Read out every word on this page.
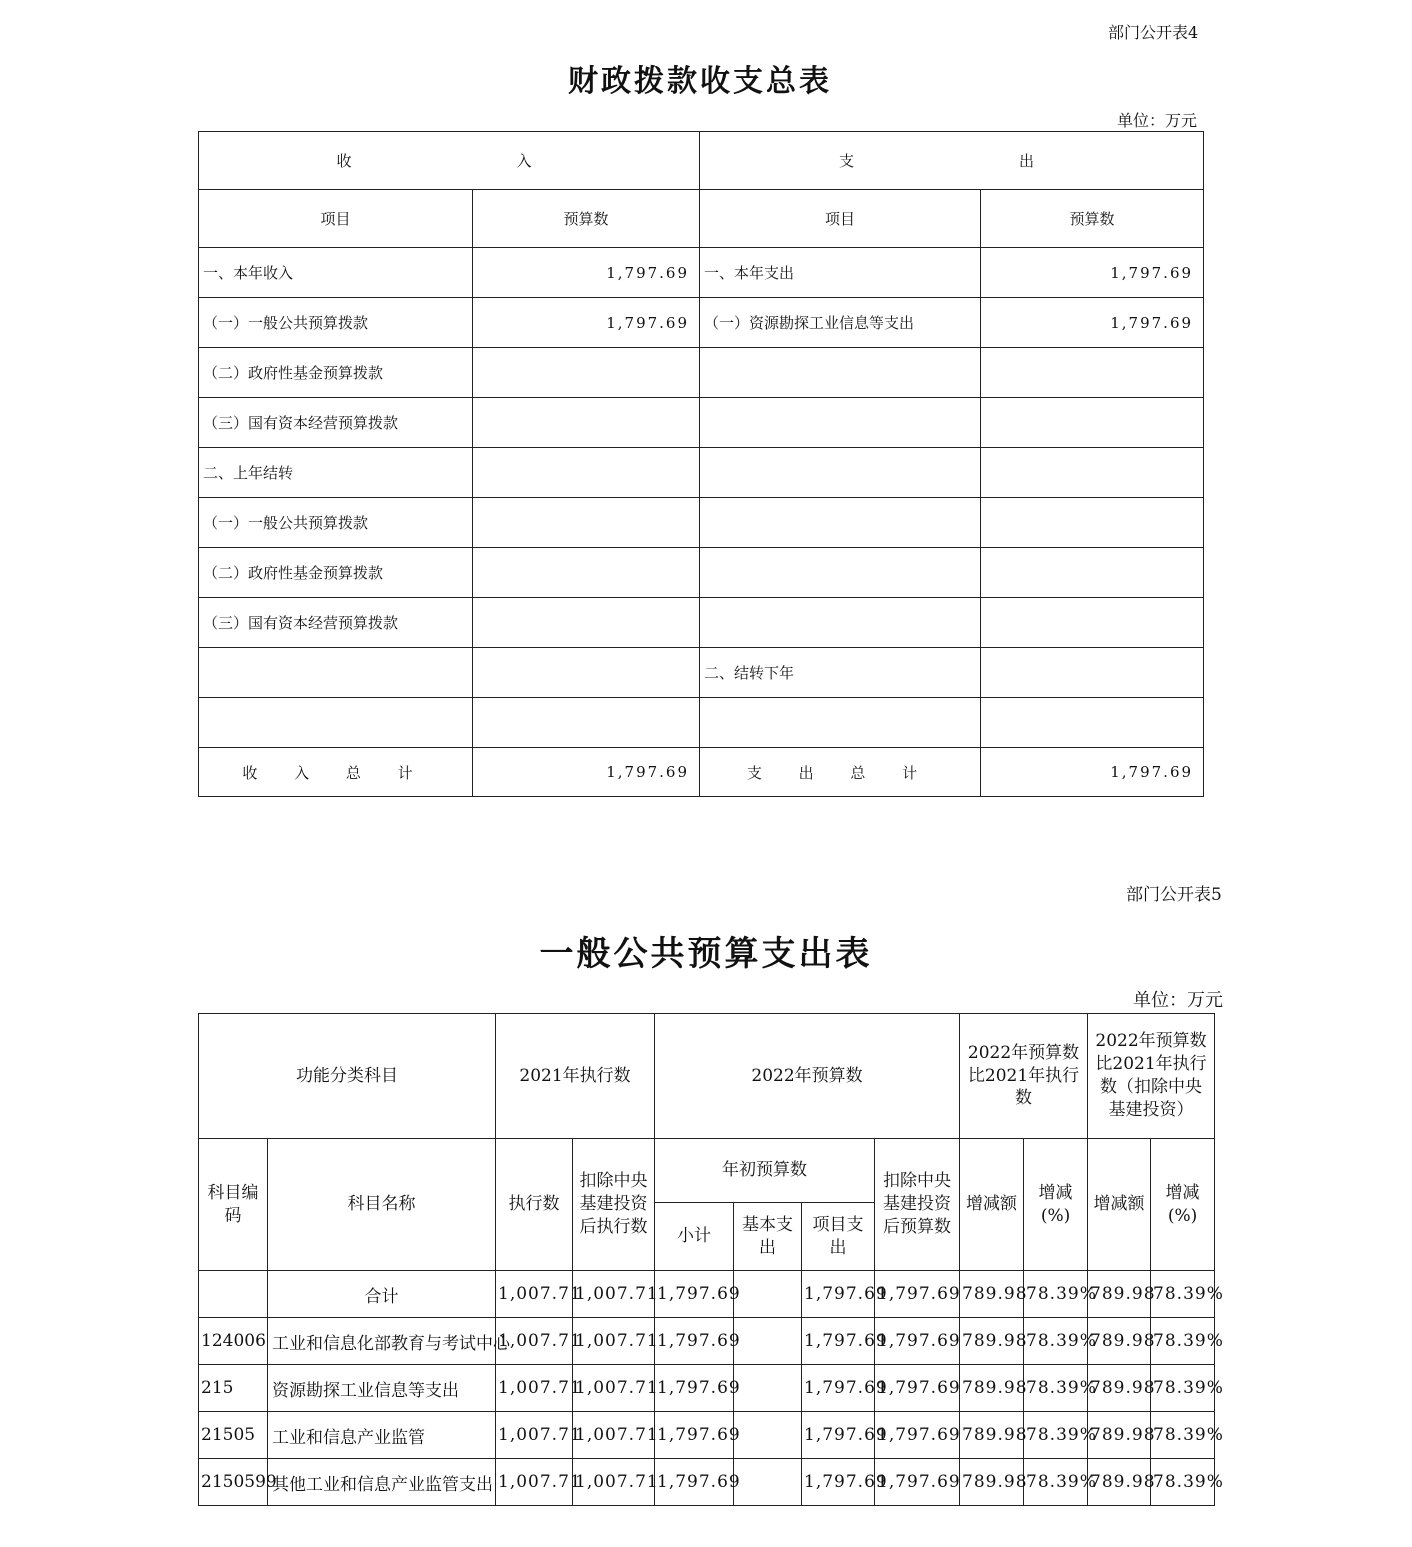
部门公开表4
财政拨款收支总表
单位：万元
收　　　入		支　　　出	
项目	预算数	项目	预算数
一、本年收入	1,797.69	一、本年支出	1,797.69
（一）一般公共预算拨款	1,797.69	（一）资源勘探工业信息等支出	1,797.69
（二）政府性基金预算拨款			
（三）国有资本经营预算拨款			
二、上年结转			
（一）一般公共预算拨款			
（二）政府性基金预算拨款			
（三）国有资本经营预算拨款			
		二、结转下年	

收 入 总 计	1,797.69	支 出 总 计	1,797.69
部门公开表5
一般公共预算支出表
单位：万元
功能分类科目		2021年执行数		2022年预算数				2022年预算数比2021年执行数		2022年预算数比2021年执行数（扣除中央基建投资）	
科目编码	科目名称	执行数	扣除中央基建投资后执行数	年初预算数			扣除中央基建投资后预算数	增减额	增减(%)	增减额	增减(%)
				小计	基本支出	项目支出					
	合计	1,007.71	1,007.71	1,797.69		1,797.69	1,797.69	789.98	78.39%	789.98	78.39%
124006	工业和信息化部教育与考试中心	1,007.71	1,007.71	1,797.69		1,797.69	1,797.69	789.98	78.39%	789.98	78.39%
215	资源勘探工业信息等支出	1,007.71	1,007.71	1,797.69		1,797.69	1,797.69	789.98	78.39%	789.98	78.39%
21505	工业和信息产业监管	1,007.71	1,007.71	1,797.69		1,797.69	1,797.69	789.98	78.39%	789.98	78.39%
2150599	其他工业和信息产业监管支出	1,007.71	1,007.71	1,797.69		1,797.69	1,797.69	789.98	78.39%	789.98	78.39%
